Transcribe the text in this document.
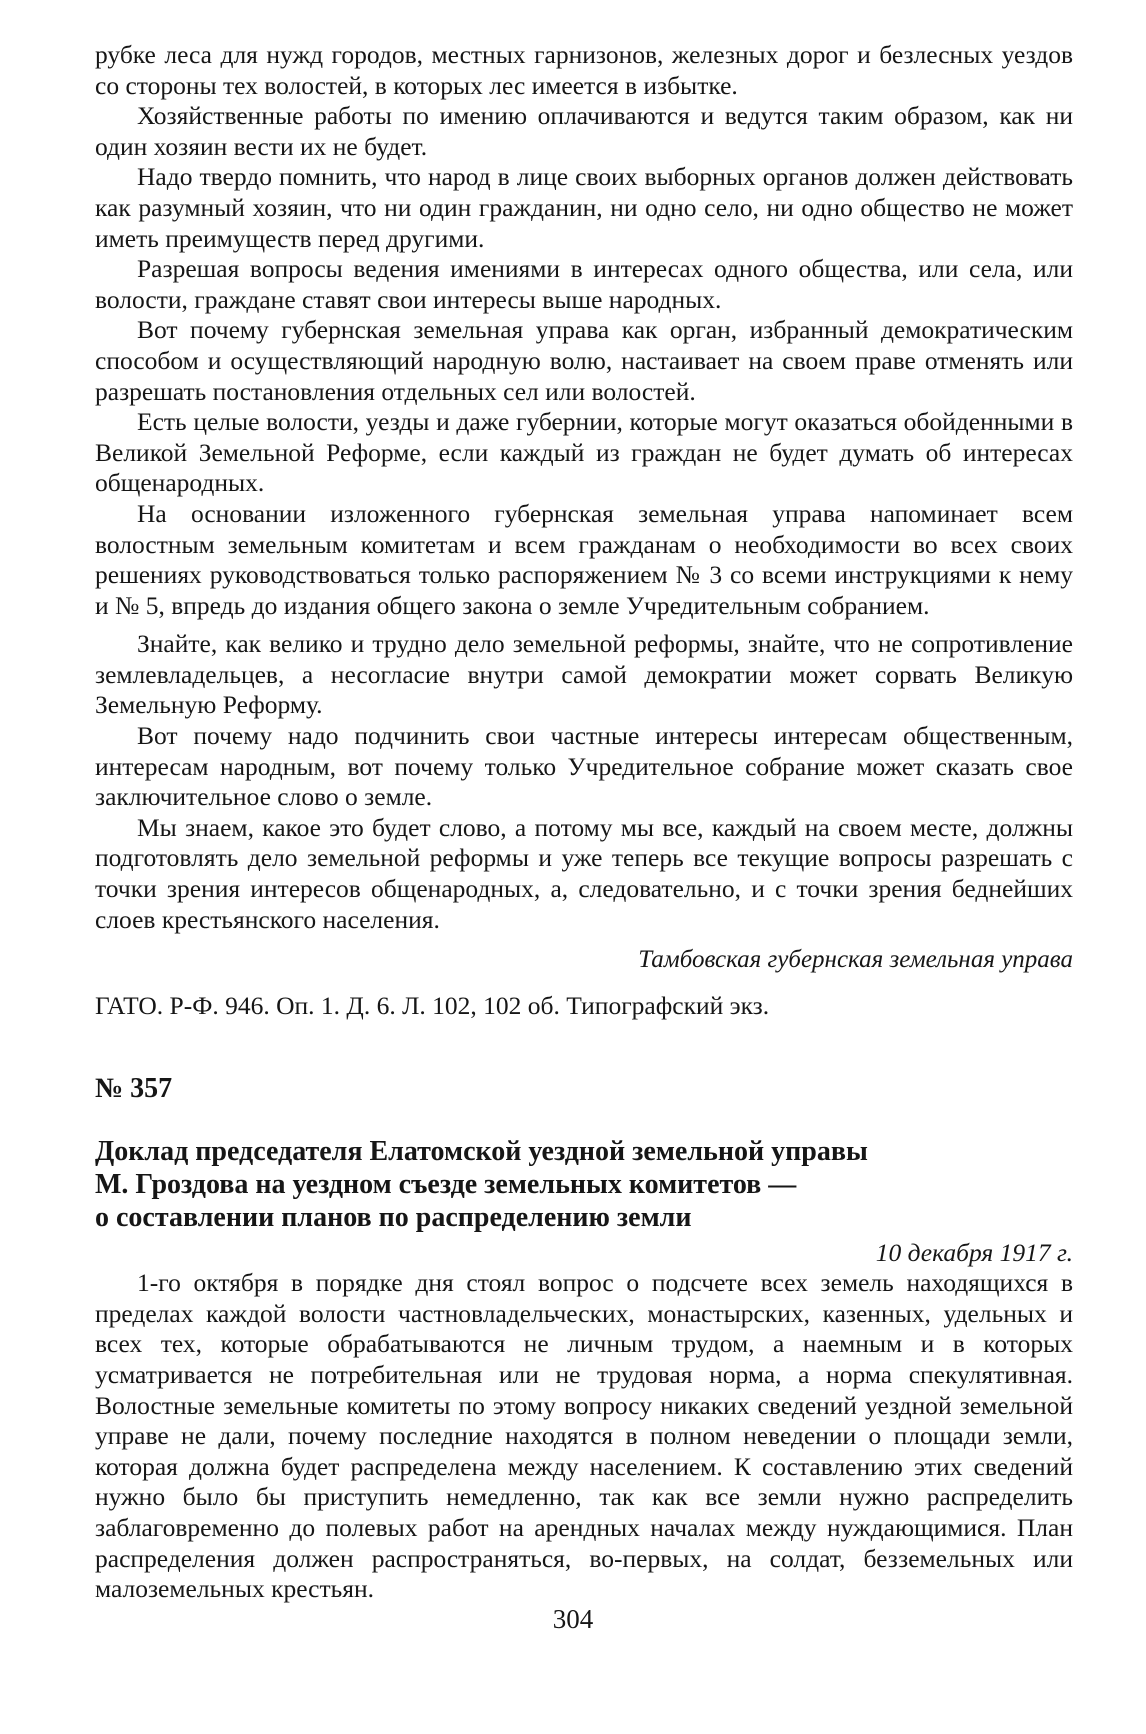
рубке леса для нужд городов, местных гарнизонов, железных дорог и безлесных уездов со стороны тех волостей, в которых лес имеется в избытке.

Хозяйственные работы по имению оплачиваются и ведутся таким образом, как ни один хозяин вести их не будет.

Надо твердо помнить, что народ в лице своих выборных органов должен действовать как разумный хозяин, что ни один гражданин, ни одно село, ни одно общество не может иметь преимуществ перед другими.

Разрешая вопросы ведения имениями в интересах одного общества, или села, или волости, граждане ставят свои интересы выше народных.

Вот почему губернская земельная управа как орган, избранный демократическим способом и осуществляющий народную волю, настаивает на своем праве отменять или разрешать постановления отдельных сел или волостей.

Есть целые волости, уезды и даже губернии, которые могут оказаться обойденными в Великой Земельной Реформе, если каждый из граждан не будет думать об интересах общенародных.

На основании изложенного губернская земельная управа напоминает всем волостным земельным комитетам и всем гражданам о необходимости во всех своих решениях руководствоваться только распоряжением № 3 со всеми инструкциями к нему и № 5, впредь до издания общего закона о земле Учредительным собранием.

Знайте, как велико и трудно дело земельной реформы, знайте, что не сопротивление землевладельцев, а несогласие внутри самой демократии может сорвать Великую Земельную Реформу.

Вот почему надо подчинить свои частные интересы интересам общественным, интересам народным, вот почему только Учредительное собрание может сказать свое заключительное слово о земле.

Мы знаем, какое это будет слово, а потому мы все, каждый на своем месте, должны подготовлять дело земельной реформы и уже теперь все текущие вопросы разрешать с точки зрения интересов общенародных, а, следовательно, и с точки зрения беднейших слоев крестьянского населения.

Тамбовская губернская земельная управа

ГАТО. Р-Ф. 946. Оп. 1. Д. 6. Л. 102, 102 об. Типографский экз.

№ 357
Доклад председателя Елатомской уездной земельной управы
М. Гроздова на уездном съезде земельных комитетов —
о составлении планов по распределению земли
10 декабря 1917 г.

1-го октября в порядке дня стоял вопрос о подсчете всех земель находящихся в пределах каждой волости частновладельческих, монастырских, казенных, удельных и всех тех, которые обрабатываются не личным трудом, а наемным и в которых усматривается не потребительная или не трудовая норма, а норма спекулятивная. Волостные земельные комитеты по этому вопросу никаких сведений уездной земельной управе не дали, почему последние находятся в полном неведении о площади земли, которая должна будет распределена между населением. К составлению этих сведений нужно было бы приступить немедленно, так как все земли нужно распределить заблаговременно до полевых работ на арендных началах между нуждающимися. План распределения должен распространяться, во-первых, на солдат, безземельных или малоземельных крестьян.

304
